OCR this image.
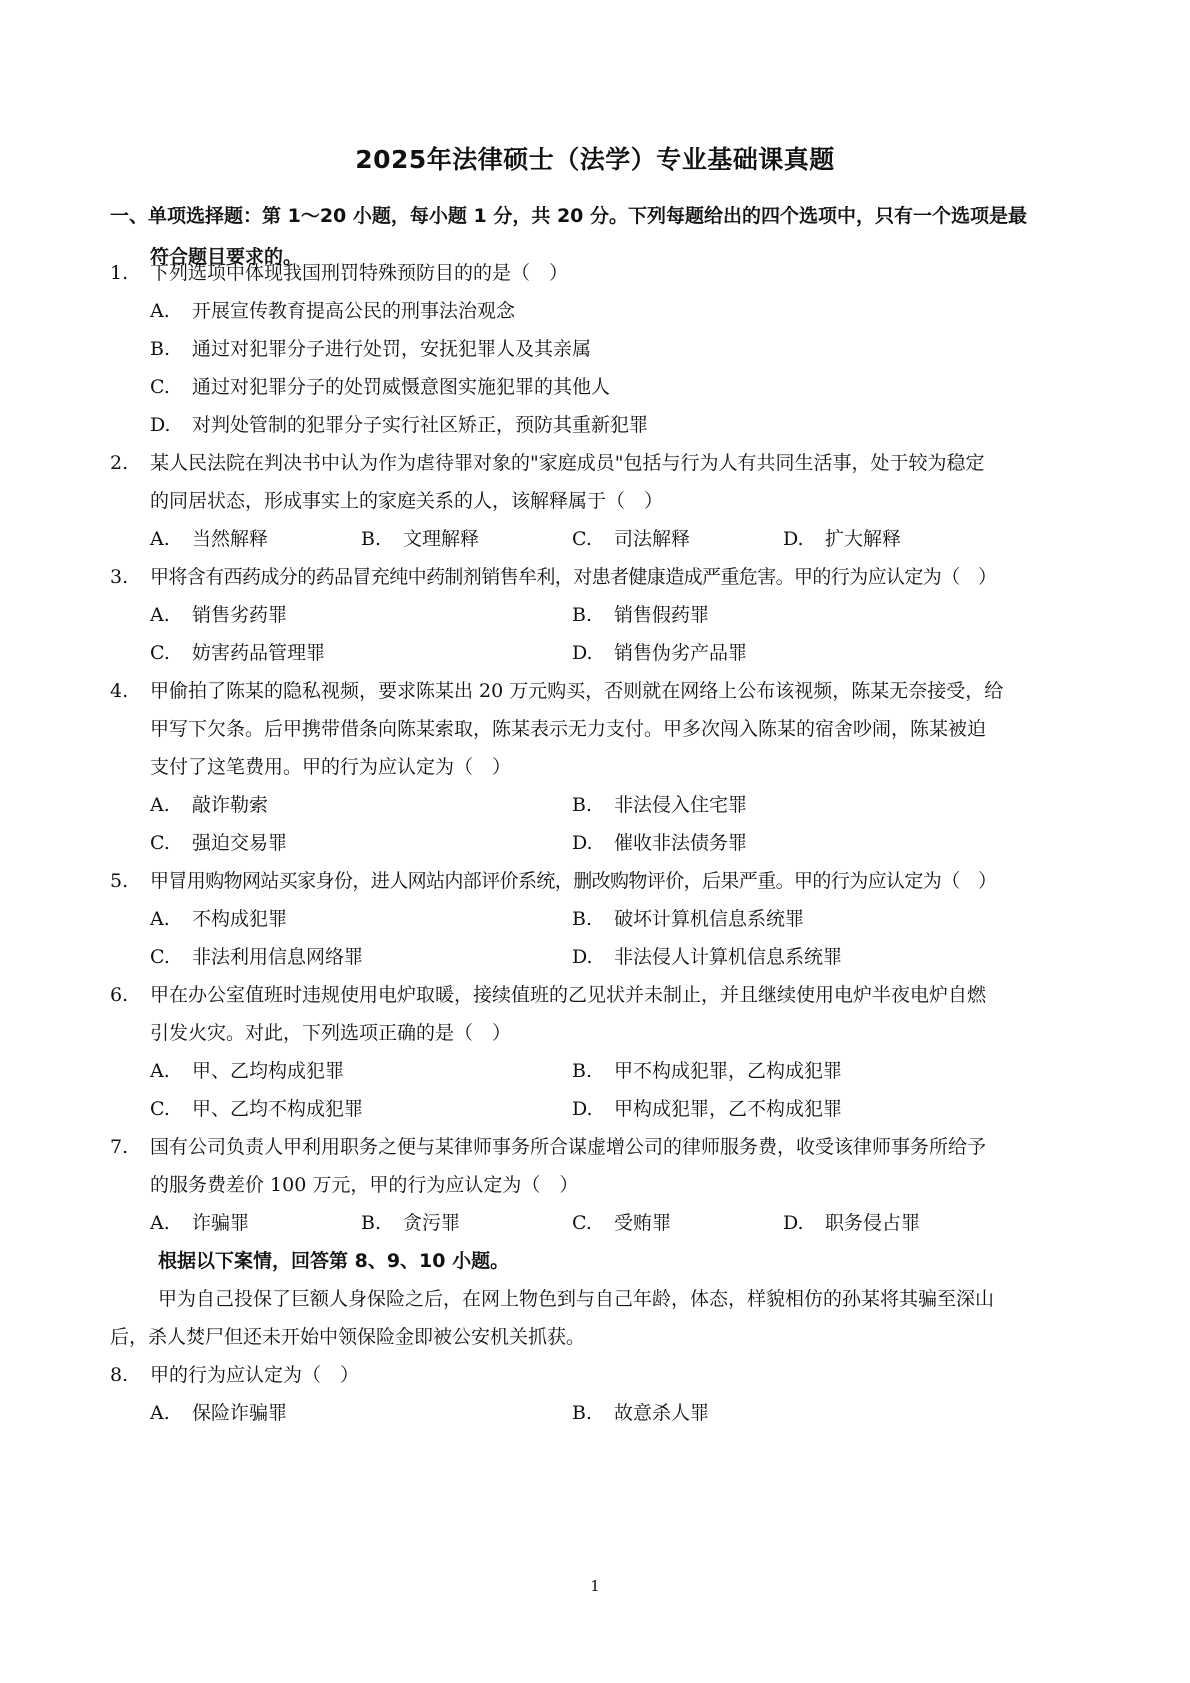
2025年法律硕士（法学）专业基础课真题
一、单项选择题：第 1～20 小题，每小题 1 分，共 20 分。下列每题给出的四个选项中，只有一个选项是最
符合题目要求的。
1. 下列选项中体现我国刑罚特殊预防目的的是（　）
A. 开展宣传教育提高公民的刑事法治观念
B. 通过对犯罪分子进行处罚，安抚犯罪人及其亲属
C. 通过对犯罪分子的处罚威慑意图实施犯罪的其他人
D. 对判处管制的犯罪分子实行社区矫正，预防其重新犯罪
2. 某人民法院在判决书中认为作为虐待罪对象的"家庭成员"包括与行为人有共同生活事，处于较为稳定
的同居状态，形成事实上的家庭关系的人，该解释属于（　）
A. 当然解释	B. 文理解释	C. 司法解释	D. 扩大解释
3. 甲将含有西药成分的药品冒充纯中药制剂销售牟利，对患者健康造成严重危害。甲的行为应认定为（　）
A. 销售劣药罪	B. 销售假药罪
C. 妨害药品管理罪	D. 销售伪劣产品罪
4. 甲偷拍了陈某的隐私视频，要求陈某出 20 万元购买，否则就在网络上公布该视频，陈某无奈接受，给
甲写下欠条。后甲携带借条向陈某索取，陈某表示无力支付。甲多次闯入陈某的宿舍吵闹，陈某被迫
支付了这笔费用。甲的行为应认定为（　）
A. 敲诈勒索	B. 非法侵入住宅罪
C. 强迫交易罪	D. 催收非法债务罪
5. 甲冒用购物网站买家身份，进人网站内部评价系统，删改购物评价，后果严重。甲的行为应认定为（　）
A. 不构成犯罪	B. 破坏计算机信息系统罪
C. 非法利用信息网络罪	D. 非法侵人计算机信息系统罪
6. 甲在办公室值班时违规使用电炉取暖，接续值班的乙见状并未制止，并且继续使用电炉半夜电炉自燃
引发火灾。对此，下列选项正确的是（　）
A. 甲、乙均构成犯罪	B. 甲不构成犯罪，乙构成犯罪
C. 甲、乙均不构成犯罪	D. 甲构成犯罪，乙不构成犯罪
7. 国有公司负责人甲利用职务之便与某律师事务所合谋虚增公司的律师服务费，收受该律师事务所给予
的服务费差价 100 万元，甲的行为应认定为（　）
A. 诈骗罪	B. 贪污罪	C. 受贿罪	D. 职务侵占罪
根据以下案情，回答第 8、9、10 小题。
甲为自己投保了巨额人身保险之后，在网上物色到与自己年龄，体态，样貌相仿的孙某将其骗至深山
后，杀人焚尸但还未开始中领保险金即被公安机关抓获。
8. 甲的行为应认定为（　）
A. 保险诈骗罪	B. 故意杀人罪
1
